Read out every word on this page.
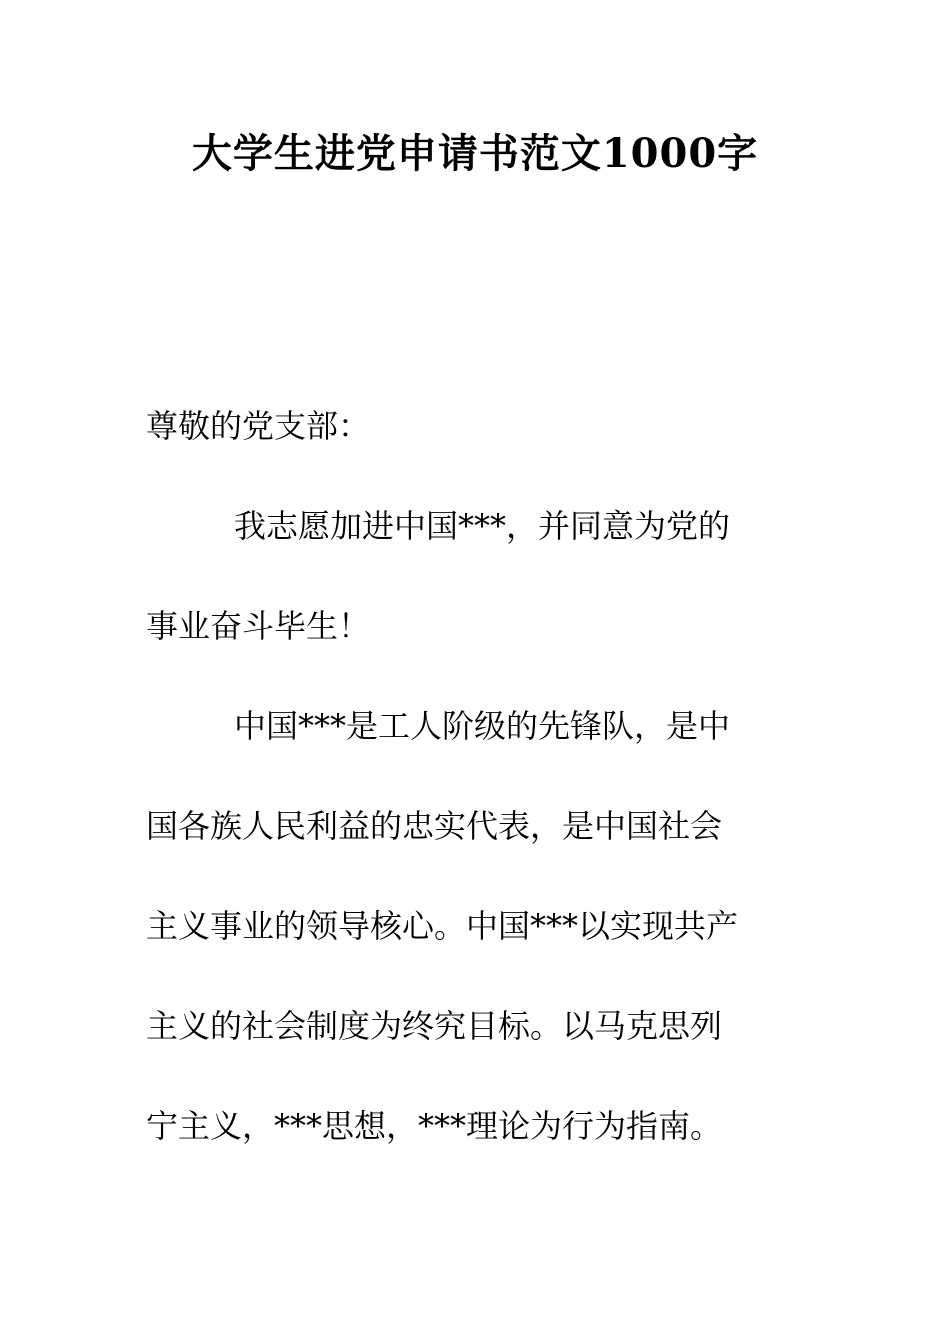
大学生进党申请书范文1000字
尊敬的党支部：
我志愿加进中国***，并同意为党的
事业奋斗毕生！
中国***是工人阶级的先锋队，是中
国各族人民利益的忠实代表，是中国社会
主义事业的领导核心。中国***以实现共产
主义的社会制度为终究目标。以马克思列
宁主义，***思想，***理论为行为指南。
